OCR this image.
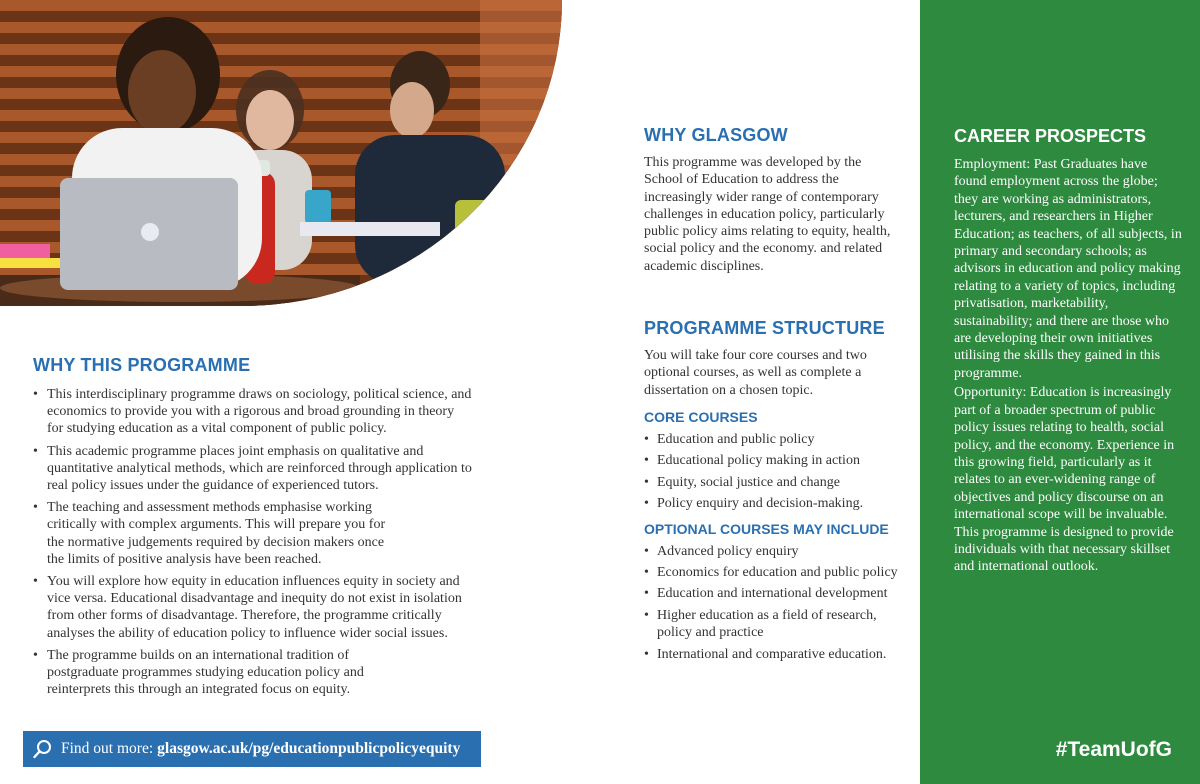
WHY THIS PROGRAMME
• This interdisciplinary programme draws on sociology, political science, and economics to provide you with a rigorous and broad grounding in theory for studying education as a vital component of public policy.
• This academic programme places joint emphasis on qualitative and quantitative analytical methods, which are reinforced through application to real policy issues under the guidance of experienced tutors.
• The teaching and assessment methods emphasise working critically with complex arguments. This will prepare you for the normative judgements required by decision makers once the limits of positive analysis have been reached.
• You will explore how equity in education influences equity in society and vice versa. Educational disadvantage and inequity do not exist in isolation from other forms of disadvantage. Therefore, the programme critically analyses the ability of education policy to influence wider social issues.
• The programme builds on an international tradition of postgraduate programmes studying education policy and reinterprets this through an integrated focus on equity.
Find out more: glasgow.ac.uk/pg/educationpublicpolicyequity
WHY GLASGOW

This programme was developed by the School of Education to address the increasingly wider range of contemporary challenges in education policy, particularly public policy aims relating to equity, health, social policy and the economy. and related academic disciplines.

PROGRAMME STRUCTURE

You will take four core courses and two optional courses, as well as complete a dissertation on a chosen topic.

CORE COURSES
• Education and public policy
• Educational policy making in action
• Equity, social justice and change
• Policy enquiry and decision-making.
OPTIONAL COURSES MAY INCLUDE
• Advanced policy enquiry
• Economics for education and public policy
• Education and international development
• Higher education as a field of research, policy and practice
• International and comparative education.
CAREER PROSPECTS

Employment: Past Graduates have found employment across the globe; they are working as administrators, lecturers, and researchers in Higher Education; as teachers, of all subjects, in primary and secondary schools; as advisors in education and policy making relating to a variety of topics, including privatisation, marketability, sustainability; and there are those who are developing their own initiatives utilising the skills they gained in this programme.

Opportunity: Education is increasingly part of a broader spectrum of public policy issues relating to health, social policy, and the economy. Experience in this growing field, particularly as it relates to an ever-widening range of objectives and policy discourse on an international scope will be invaluable. This programme is designed to provide individuals with that necessary skillset and international outlook.

#TeamUofG
